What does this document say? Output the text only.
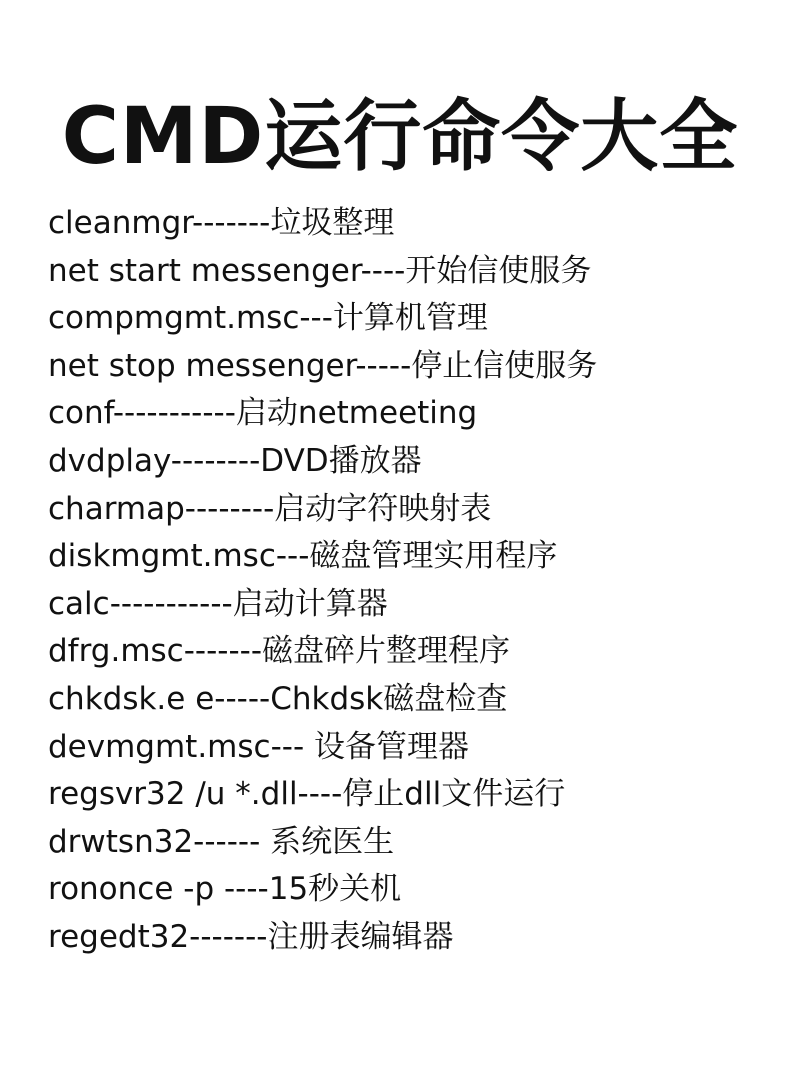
CMD运行命令大全
cleanmgr-------垃圾整理
net start messenger----开始信使服务
compmgmt.msc---计算机管理
net stop messenger-----停止信使服务
conf-----------启动netmeeting
dvdplay--------DVD播放器
charmap--------启动字符映射表
diskmgmt.msc---磁盘管理实用程序
calc-----------启动计算器
dfrg.msc-------磁盘碎片整理程序
chkdsk.e e-----Chkdsk磁盘检查
devmgmt.msc--- 设备管理器
regsvr32 /u *.dll----停止dll文件运行
drwtsn32------ 系统医生
rononce -p ----15秒关机
regedt32-------注册表编辑器
